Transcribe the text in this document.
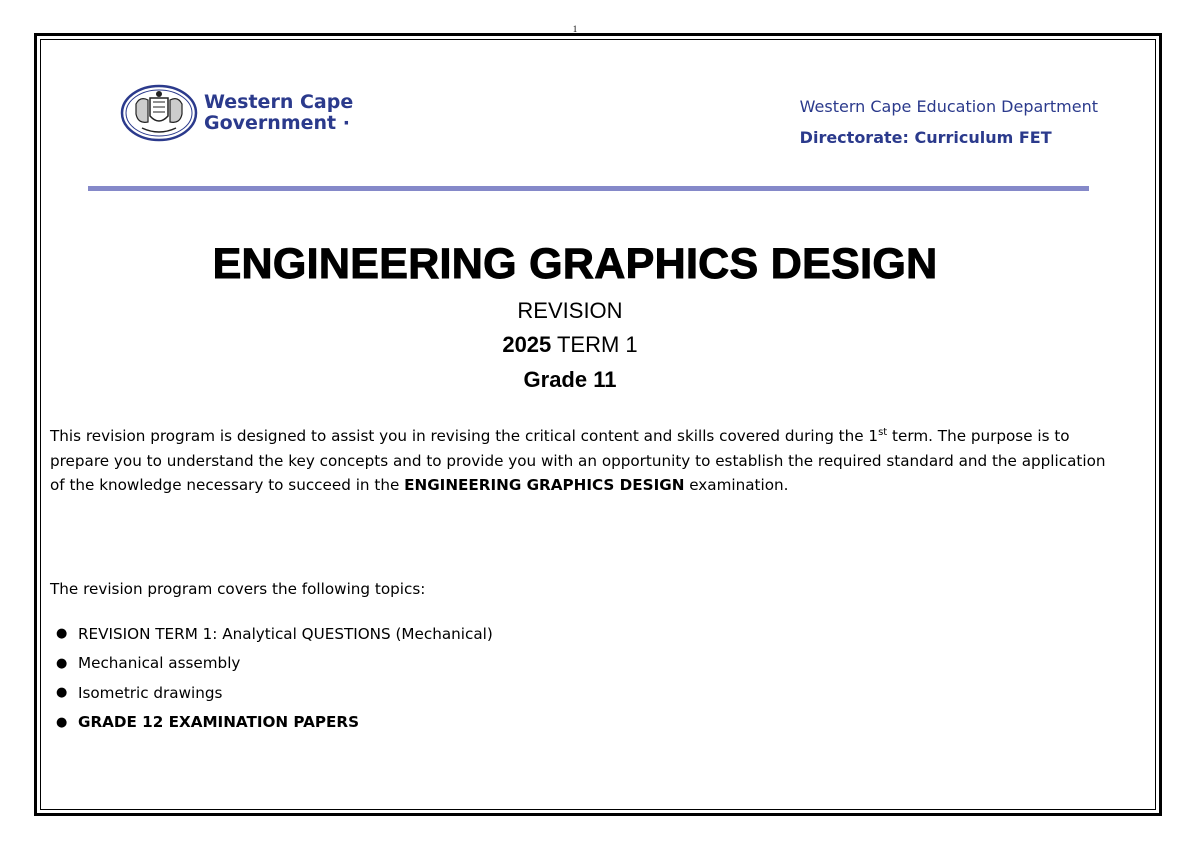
1
Western Cape
Government ·
Western Cape Education Department
Directorate: Curriculum FET
ENGINEERING GRAPHICS DESIGN
REVISION
2025 TERM 1
Grade 11
This revision program is designed to assist you in revising the critical content and skills covered during the 1st term. The purpose is to prepare you to understand the key concepts and to provide you with an opportunity to establish the required standard and the application of the knowledge necessary to succeed in the ENGINEERING GRAPHICS DESIGN examination.
The revision program covers the following topics:
● REVISION TERM 1: Analytical QUESTIONS (Mechanical)
● Mechanical assembly
● Isometric drawings
● GRADE 12 EXAMINATION PAPERS
